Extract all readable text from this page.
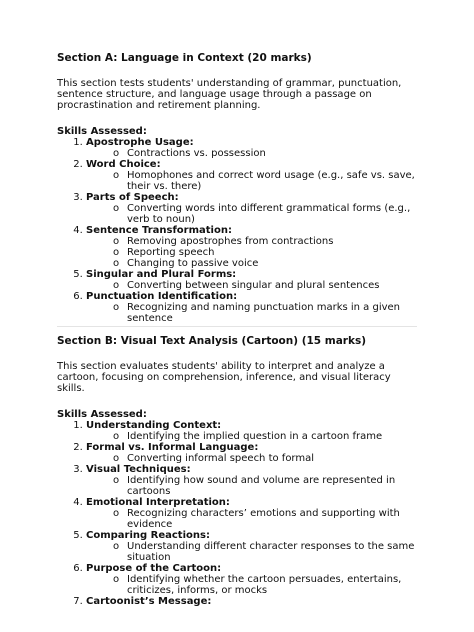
Section A: Language in Context (20 marks)

This section tests students' understanding of grammar, punctuation, sentence structure, and language usage through a passage on procrastination and retirement planning.

Skills Assessed:

1. Apostrophe Usage:
o Contractions vs. possession
2. Word Choice:
o Homophones and correct word usage (e.g., safe vs. save, their vs. there)
3. Parts of Speech:
o Converting words into different grammatical forms (e.g., verb to noun)
4. Sentence Transformation:
o Removing apostrophes from contractions
o Reporting speech
o Changing to passive voice
5. Singular and Plural Forms:
o Converting between singular and plural sentences
6. Punctuation Identification:
o Recognizing and naming punctuation marks in a given sentence

Section B: Visual Text Analysis (Cartoon) (15 marks)

This section evaluates students' ability to interpret and analyze a cartoon, focusing on comprehension, inference, and visual literacy skills.

Skills Assessed:

1. Understanding Context:
o Identifying the implied question in a cartoon frame
2. Formal vs. Informal Language:
o Converting informal speech to formal
3. Visual Techniques:
o Identifying how sound and volume are represented in cartoons
4. Emotional Interpretation:
o Recognizing characters’ emotions and supporting with evidence
5. Comparing Reactions:
o Understanding different character responses to the same situation
6. Purpose of the Cartoon:
o Identifying whether the cartoon persuades, entertains, criticizes, informs, or mocks
7. Cartoonist’s Message:
